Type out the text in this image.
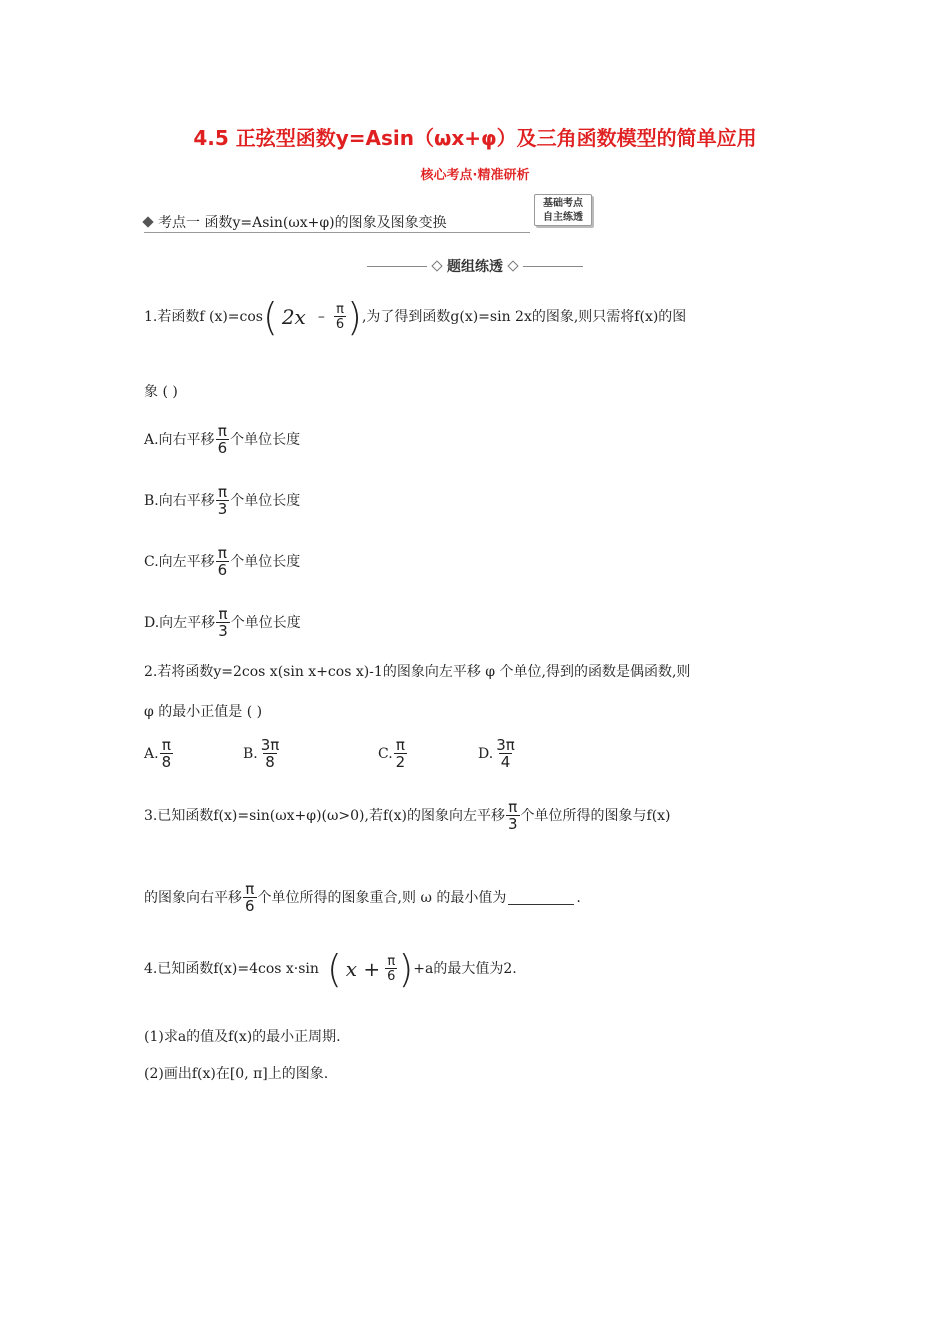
4.5 正弦型函数y=Asin（ωx+φ）及三角函数模型的简单应用
核心考点·精准研析
考点一 函数y=Asin(ωx+φ)的图象及图象变换
基础考点
自主练透
题组练透
1.若函数f (x)=cos ( $2x - \frac{\pi}{6}$ ) ,为了得到函数g(x)=sin 2x的图象,则只需将f(x)的图
象 ( )
A.向右平移 $\frac{\pi}{6}$ 个单位长度
B.向右平移 $\frac{\pi}{3}$ 个单位长度
C.向左平移 $\frac{\pi}{6}$ 个单位长度
D.向左平移 $\frac{\pi}{3}$ 个单位长度
2.若将函数y=2cos x(sin x+cos x)-1的图象向左平移 φ 个单位,得到的函数是偶函数,则
φ 的最小正值是 ( )
A. $\frac{\pi}{8}$	B. $\frac{3\pi}{8}$	C. $\frac{\pi}{2}$	D. $\frac{3\pi}{4}$
3.已知函数f(x)=sin(ωx+φ)(ω>0),若f(x)的图象向左平移 $\frac{\pi}{3}$ 个单位所得的图象与f(x)
的图象向右平移 $\frac{\pi}{6}$ 个单位所得的图象重合,则 ω 的最小值为	.
4.已知函数f(x)=4cos x·sin ( $x + \frac{\pi}{6}$ ) +a的最大值为2.
(1)求a的值及f(x)的最小正周期.
(2)画出f(x)在[0, π]上的图象.
